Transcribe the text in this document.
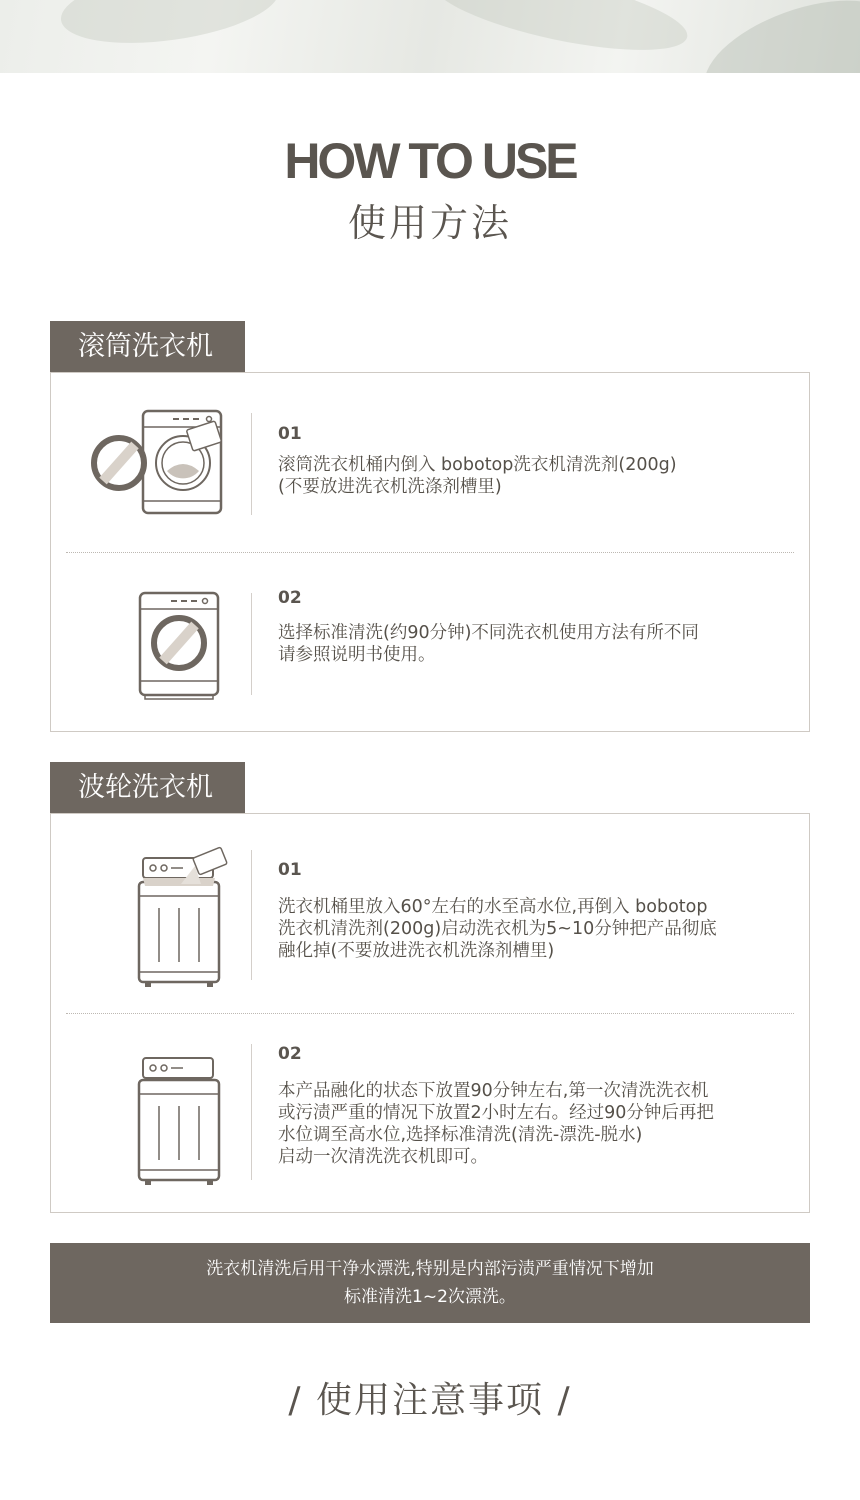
HOW TO USE
使用方法
滚筒洗衣机
01
滚筒洗衣机桶内倒入 bobotop洗衣机清洗剂(200g)
(不要放进洗衣机洗涤剂槽里)
02
选择标准清洗(约90分钟)不同洗衣机使用方法有所不同
请参照说明书使用。
波轮洗衣机
01
洗衣机桶里放入60°左右的水至高水位,再倒入 bobotop
洗衣机清洗剂(200g)启动洗衣机为5~10分钟把产品彻底
融化掉(不要放进洗衣机洗涤剂槽里)
02
本产品融化的状态下放置90分钟左右,第一次清洗洗衣机
或污渍严重的情况下放置2小时左右。经过90分钟后再把
水位调至高水位,选择标准清洗(清洗-漂洗-脱水)
启动一次清洗洗衣机即可。
洗衣机清洗后用干净水漂洗,特别是内部污渍严重情况下增加
标准清洗1~2次漂洗。
/ 使用注意事项 /
